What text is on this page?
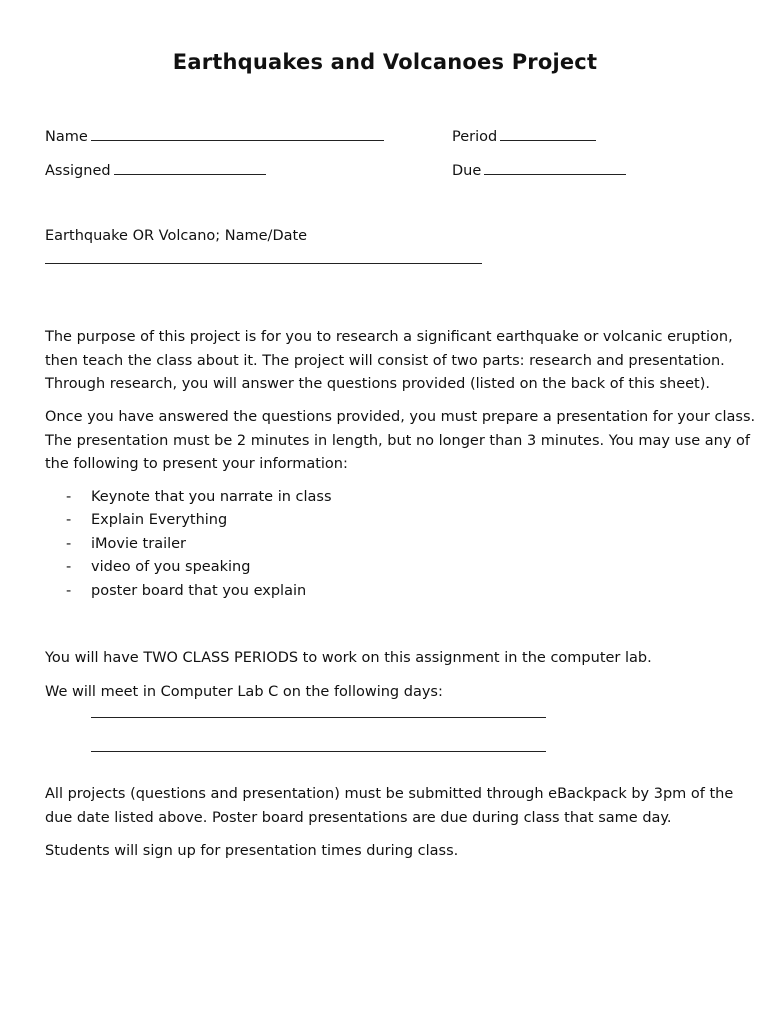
Earthquakes and Volcanoes Project
Name	Period
Assigned	Due
Earthquake OR Volcano; Name/Date
The purpose of this project is for you to research a significant earthquake or volcanic eruption,
then teach the class about it. The project will consist of two parts: research and presentation.
Through research, you will answer the questions provided (listed on the back of this sheet).
Once you have answered the questions provided, you must prepare a presentation for your class.
The presentation must be 2 minutes in length, but no longer than 3 minutes. You may use any of
the following to present your information:
-	Keynote that you narrate in class
-	Explain Everything
-	iMovie trailer
-	video of you speaking
-	poster board that you explain
You will have TWO CLASS PERIODS to work on this assignment in the computer lab.
We will meet in Computer Lab C on the following days:
All projects (questions and presentation) must be submitted through eBackpack by 3pm of the
due date listed above. Poster board presentations are due during class that same day.
Students will sign up for presentation times during class.
